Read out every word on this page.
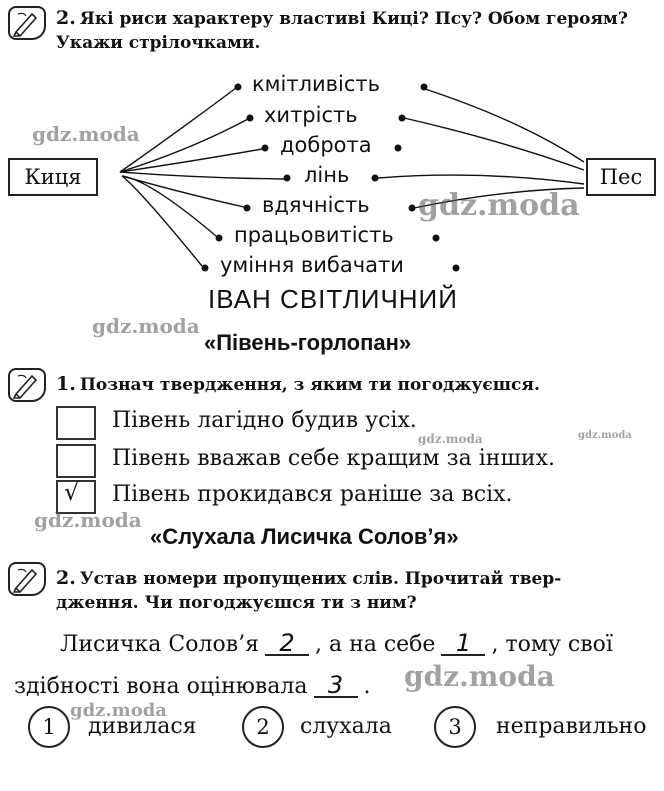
2. Які риси характеру властиві Киці? Псу? Обом героям? Укажи стрілочками.
Киця	Пес
кмітливість
хитрість
доброта
лінь
вдячність
працьовитість
уміння вибачати
ІВАН СВІТЛИЧНИЙ
«Півень-горлопан»
1. Познач твердження, з яким ти погоджуєшся.
Півень лагідно будив усіх.
Півень вважав себе кращим за інших.
√ Півень прокидався раніше за всіх.
«Слухала Лисичка Солов’я»
2. Устав номери пропущених слів. Прочитай твер-
дження. Чи погоджуєшся ти з ним?
Лисичка Солов’я 2 , а на себе 1 , тому свої
здібності вона оцінювала 3 .
1	дивилася	2	слухала	3	неправильно
gdz.moda
gdz.moda
gdz.moda
gdz.moda	gdz.moda
gdz.moda
gdz.moda
gdz.moda
